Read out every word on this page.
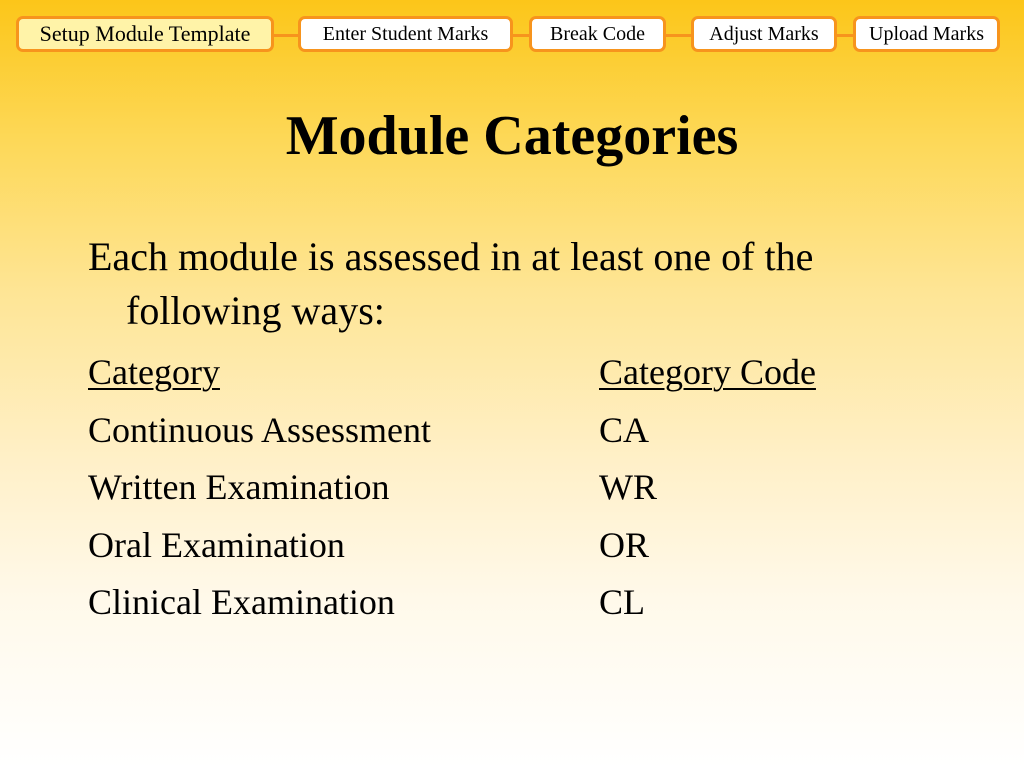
Setup Module Template	Enter Student Marks	Break Code	Adjust Marks	Upload Marks
Module Categories
Each module is assessed in at least one of the
following ways:
Category	Category Code
Continuous Assessment	CA
Written Examination	WR
Oral Examination	OR
Clinical Examination	CL
